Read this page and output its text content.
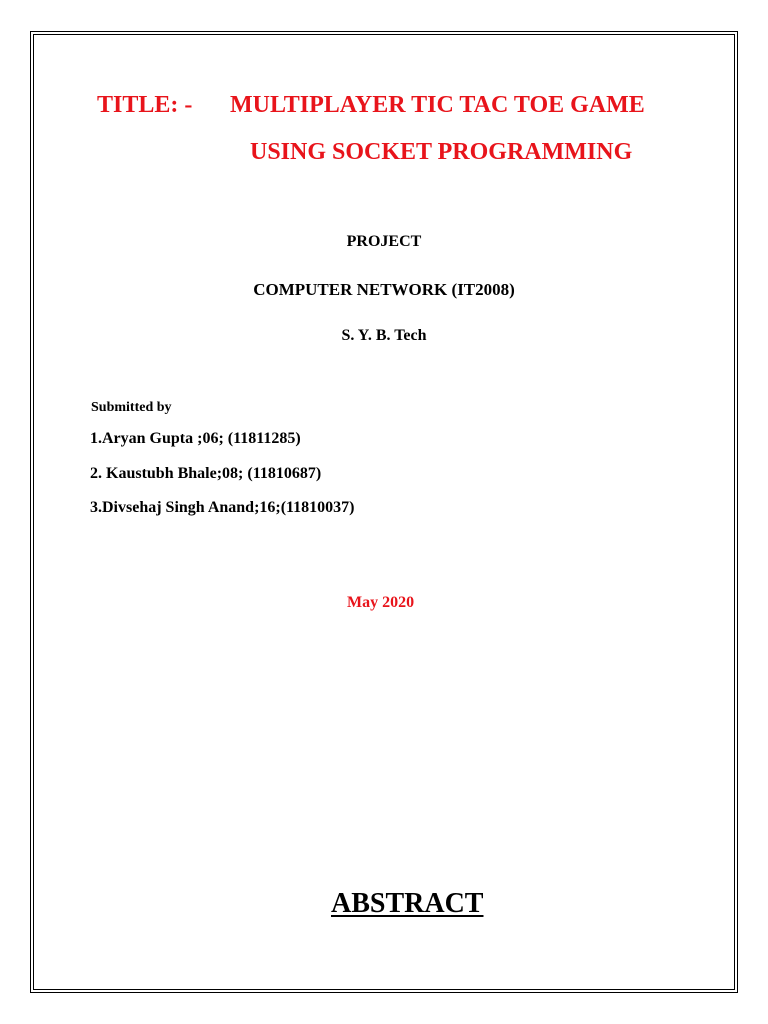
TITLE: - MULTIPLAYER TIC TAC TOE GAME
USING SOCKET PROGRAMMING
PROJECT
COMPUTER NETWORK (IT2008)
S. Y. B. Tech
Submitted by
1.Aryan Gupta ;06; (11811285)
2. Kaustubh Bhale;08; (11810687)
3.Divsehaj Singh Anand;16;(11810037)
May 2020
ABSTRACT
